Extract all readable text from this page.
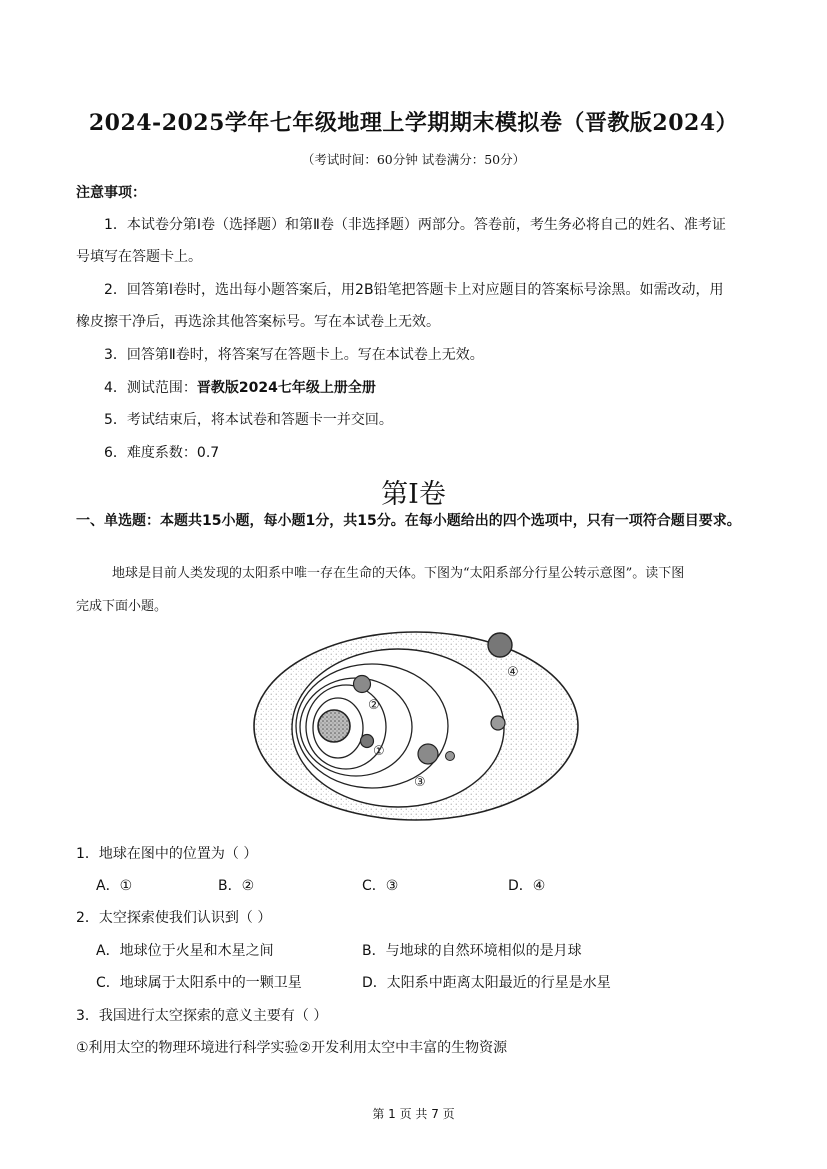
2024-2025学年七年级地理上学期期末模拟卷（晋教版2024）
（考试时间：60分钟 试卷满分：50分）
注意事项：
1．本试卷分第Ⅰ卷（选择题）和第Ⅱ卷（非选择题）两部分。答卷前，考生务必将自己的姓名、准考证
号填写在答题卡上。
2．回答第Ⅰ卷时，选出每小题答案后，用2B铅笔把答题卡上对应题目的答案标号涂黑。如需改动，用
橡皮擦干净后，再选涂其他答案标号。写在本试卷上无效。
3．回答第Ⅱ卷时，将答案写在答题卡上。写在本试卷上无效。
4．测试范围：晋教版2024七年级上册全册
5．考试结束后，将本试卷和答题卡一并交回。
6．难度系数：0.7
第Ⅰ卷
一、单选题：本题共15小题，每小题1分，共15分。在每小题给出的四个选项中，只有一项符合题目要求。
地球是目前人类发现的太阳系中唯一存在生命的天体。下图为“太阳系部分行星公转示意图”。读下图
完成下面小题。
①
②
③
④
1．地球在图中的位置为（ ）
A．①	B．②	C．③	D．④
2．太空探索使我们认识到（ ）
A．地球位于火星和木星之间	B．与地球的自然环境相似的是月球
C．地球属于太阳系中的一颗卫星	D．太阳系中距离太阳最近的行星是水星
3．我国进行太空探索的意义主要有（ ）
①利用太空的物理环境进行科学实验②开发利用太空中丰富的生物资源
第 1 页 共 7 页
